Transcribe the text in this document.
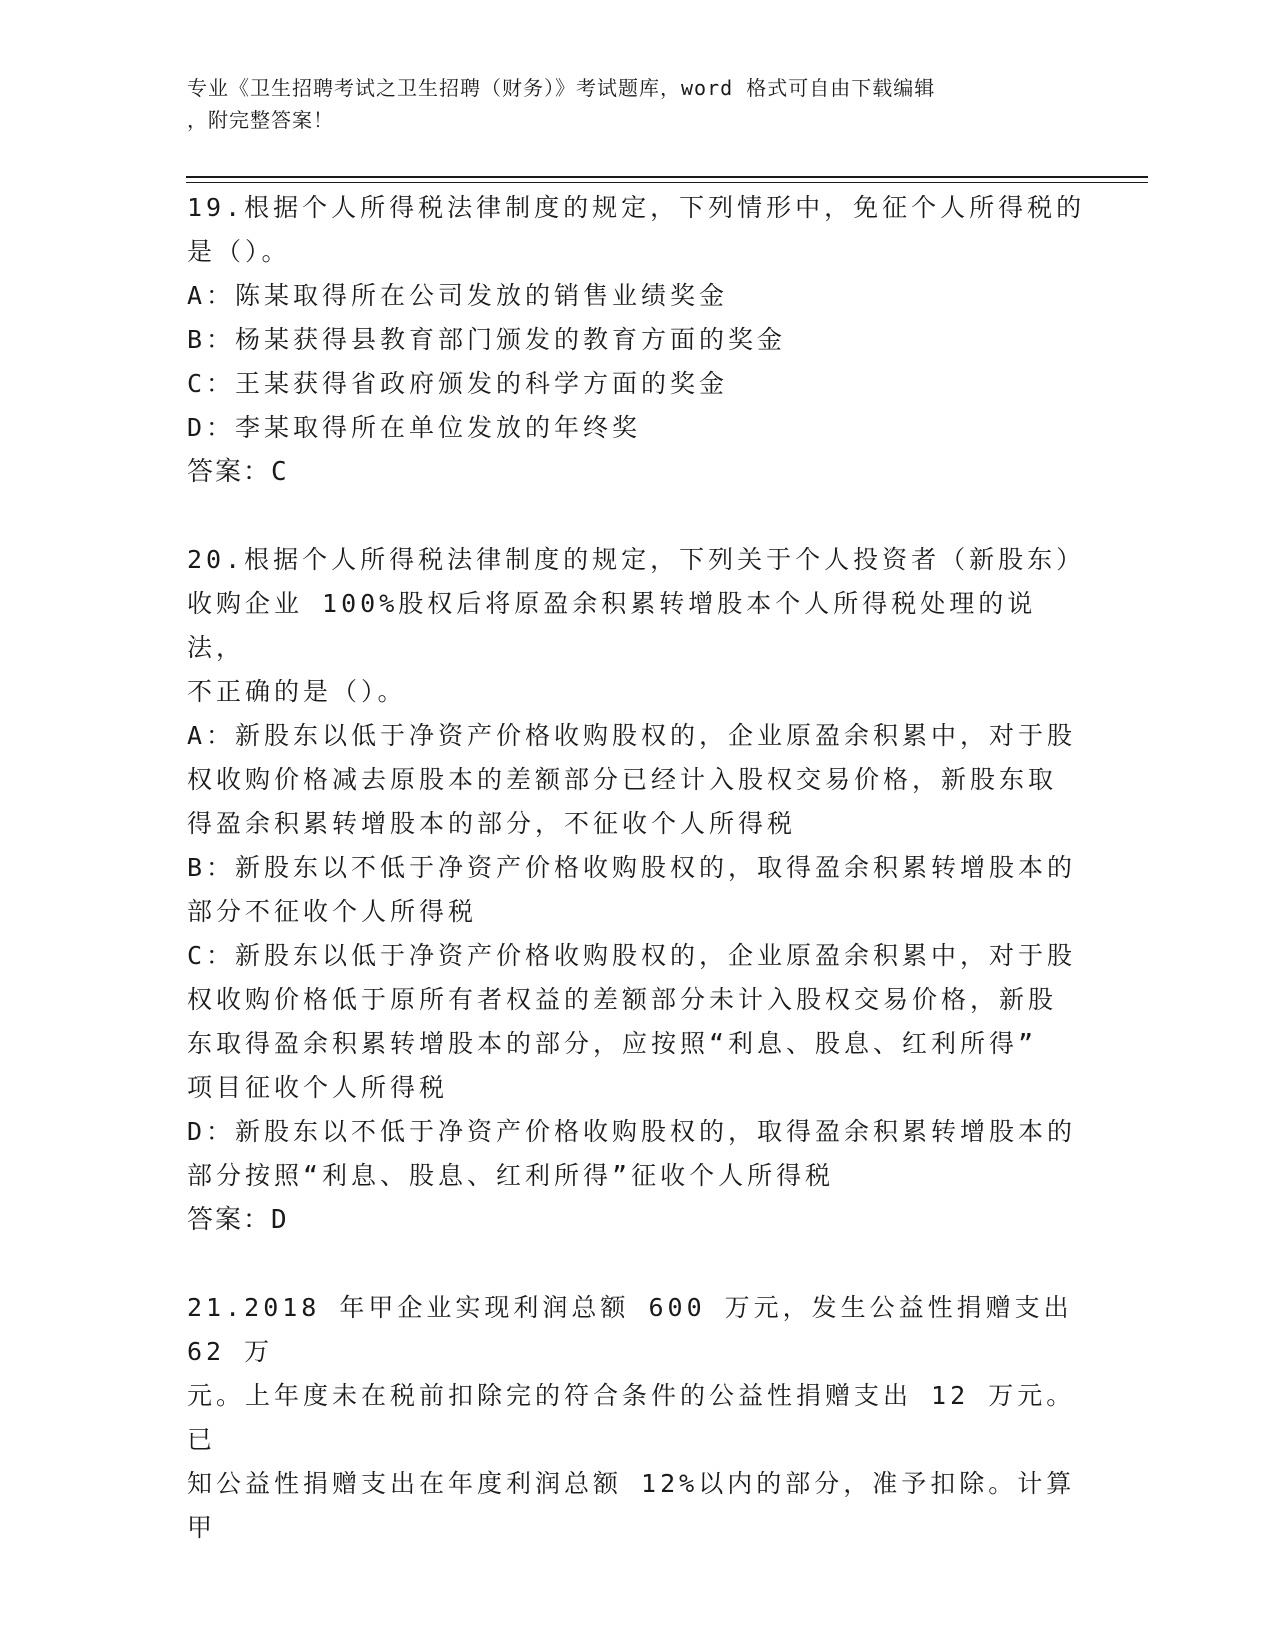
专业《卫生招聘考试之卫生招聘（财务）》考试题库，word 格式可自由下载编辑
，附完整答案！
19.根据个人所得税法律制度的规定，下列情形中，免征个人所得税的
是（）。
A：陈某取得所在公司发放的销售业绩奖金
B：杨某获得县教育部门颁发的教育方面的奖金
C：王某获得省政府颁发的科学方面的奖金
D：李某取得所在单位发放的年终奖
答案：C
20.根据个人所得税法律制度的规定，下列关于个人投资者（新股东）
收购企业 100%股权后将原盈余积累转增股本个人所得税处理的说法，
不正确的是（）。
A：新股东以低于净资产价格收购股权的，企业原盈余积累中，对于股
权收购价格减去原股本的差额部分已经计入股权交易价格，新股东取
得盈余积累转增股本的部分，不征收个人所得税
B：新股东以不低于净资产价格收购股权的，取得盈余积累转增股本的
部分不征收个人所得税
C：新股东以低于净资产价格收购股权的，企业原盈余积累中，对于股
权收购价格低于原所有者权益的差额部分未计入股权交易价格，新股
东取得盈余积累转增股本的部分，应按照“利息、股息、红利所得”
项目征收个人所得税
D：新股东以不低于净资产价格收购股权的，取得盈余积累转增股本的
部分按照“利息、股息、红利所得”征收个人所得税
答案：D
21.2018 年甲企业实现利润总额 600 万元，发生公益性捐赠支出 62 万
元。上年度未在税前扣除完的符合条件的公益性捐赠支出 12 万元。已
知公益性捐赠支出在年度利润总额 12%以内的部分，准予扣除。计算甲
